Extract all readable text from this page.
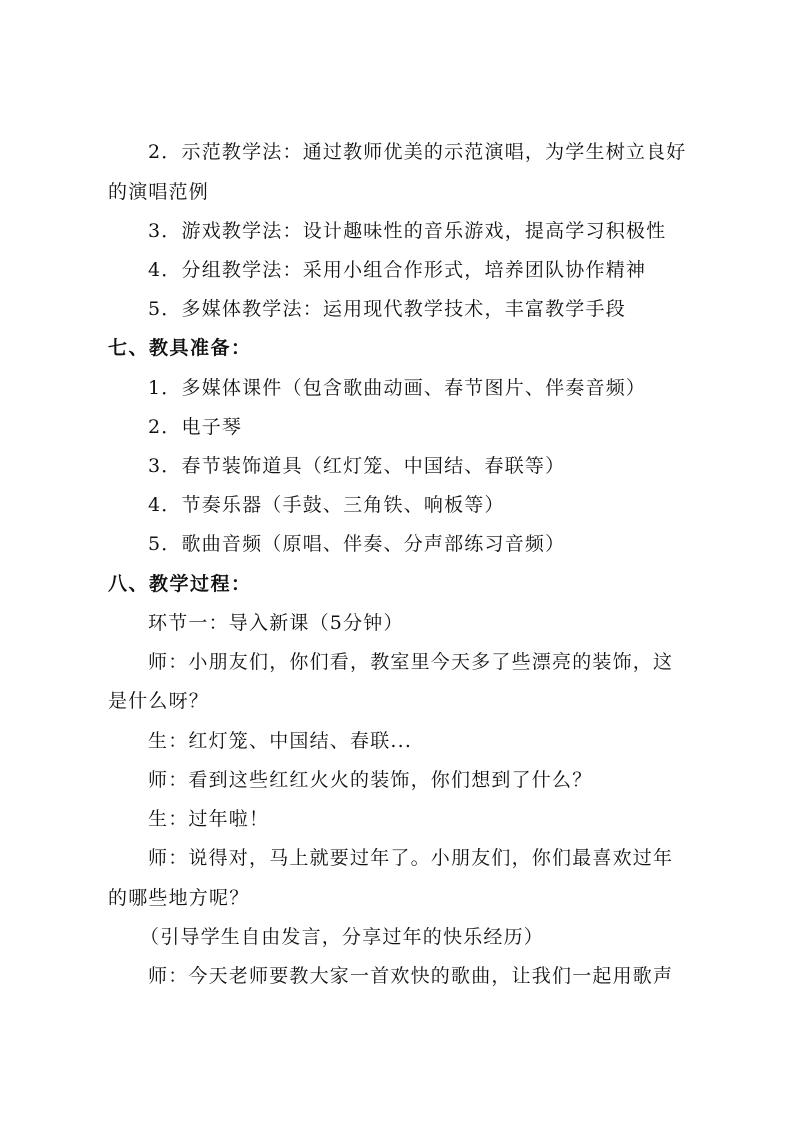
2．示范教学法：通过教师优美的示范演唱，为学生树立良好
的演唱范例
3．游戏教学法：设计趣味性的音乐游戏，提高学习积极性
4．分组教学法：采用小组合作形式，培养团队协作精神
5．多媒体教学法：运用现代教学技术，丰富教学手段
七、教具准备：
1．多媒体课件（包含歌曲动画、春节图片、伴奏音频）
2．电子琴
3．春节装饰道具（红灯笼、中国结、春联等）
4．节奏乐器（手鼓、三角铁、响板等）
5．歌曲音频（原唱、伴奏、分声部练习音频）
八、教学过程：
环节一：导入新课（5分钟）
师：小朋友们，你们看，教室里今天多了些漂亮的装饰，这
是什么呀？
生：红灯笼、中国结、春联...
师：看到这些红红火火的装饰，你们想到了什么？
生：过年啦！
师：说得对，马上就要过年了。小朋友们，你们最喜欢过年
的哪些地方呢？
（引导学生自由发言，分享过年的快乐经历）
师：今天老师要教大家一首欢快的歌曲，让我们一起用歌声
